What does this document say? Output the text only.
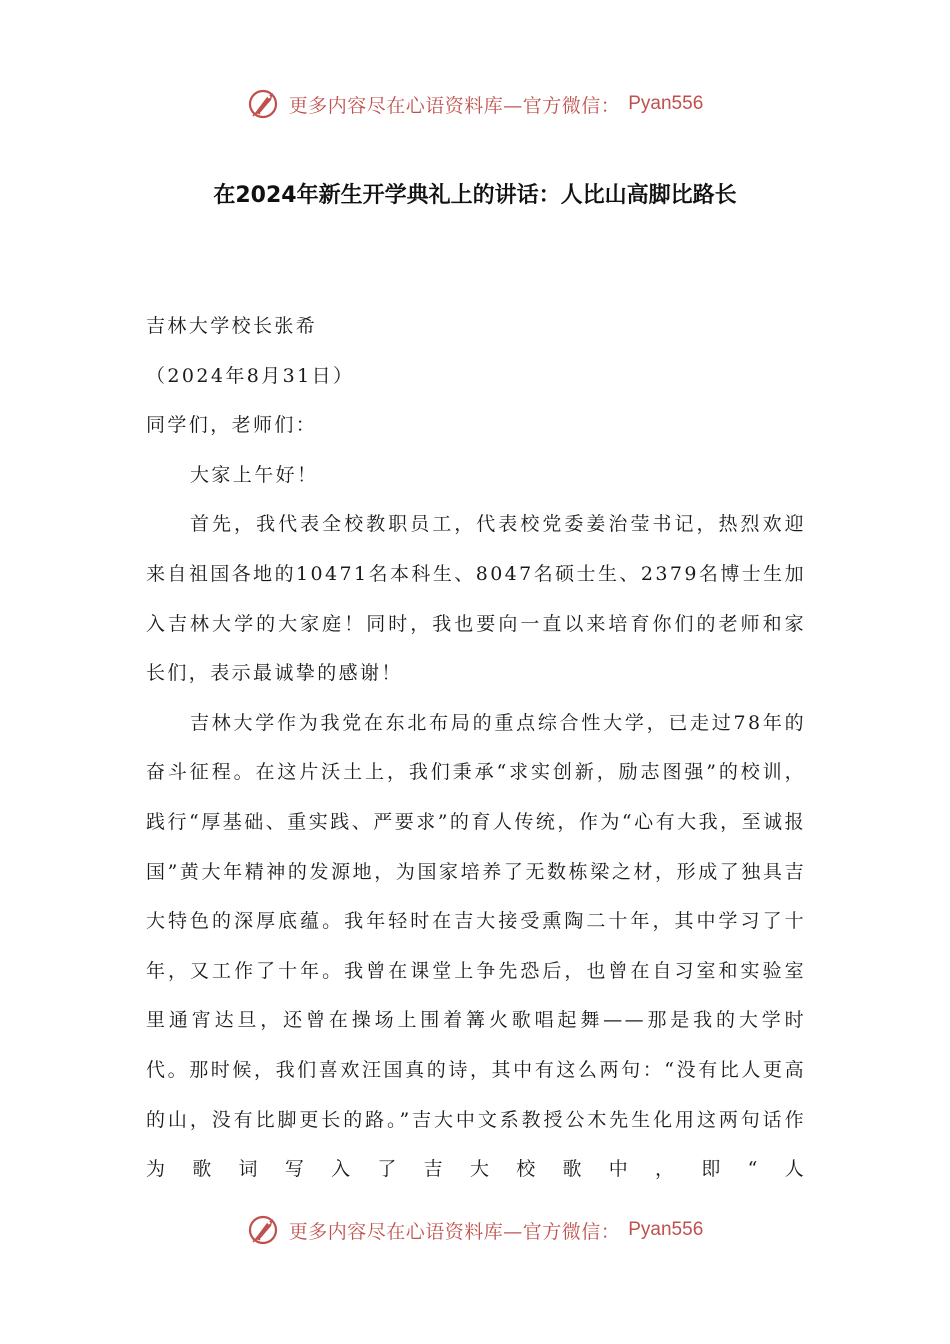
更多内容尽在心语资料库—官方微信： Pyan556
在2024年新生开学典礼上的讲话：人比山高脚比路长

吉林大学校长张希

（2024年8月31日）

同学们，老师们：

大家上午好！

首先，我代表全校教职员工，代表校党委姜治莹书记，热烈欢迎来自祖国各地的10471名本科生、8047名硕士生、2379名博士生加入吉林大学的大家庭！同时，我也要向一直以来培育你们的老师和家长们，表示最诚挚的感谢！

吉林大学作为我党在东北布局的重点综合性大学，已走过78年的奋斗征程。在这片沃土上，我们秉承“求实创新，励志图强”的校训，践行“厚基础、重实践、严要求”的育人传统，作为“心有大我，至诚报国”黄大年精神的发源地，为国家培养了无数栋梁之材，形成了独具吉大特色的深厚底蕴。我年轻时在吉大接受熏陶二十年，其中学习了十年，又工作了十年。我曾在课堂上争先恐后，也曾在自习室和实验室里通宵达旦，还曾在操场上围着篝火歌唱起舞——那是我的大学时代。那时候，我们喜欢汪国真的诗，其中有这么两句：“没有比人更高的山，没有比脚更长的路。”吉大中文系教授公木先生化用这两句话作为歌词写入了吉大校歌中，即“人

更多内容尽在心语资料库—官方微信： Pyan556
